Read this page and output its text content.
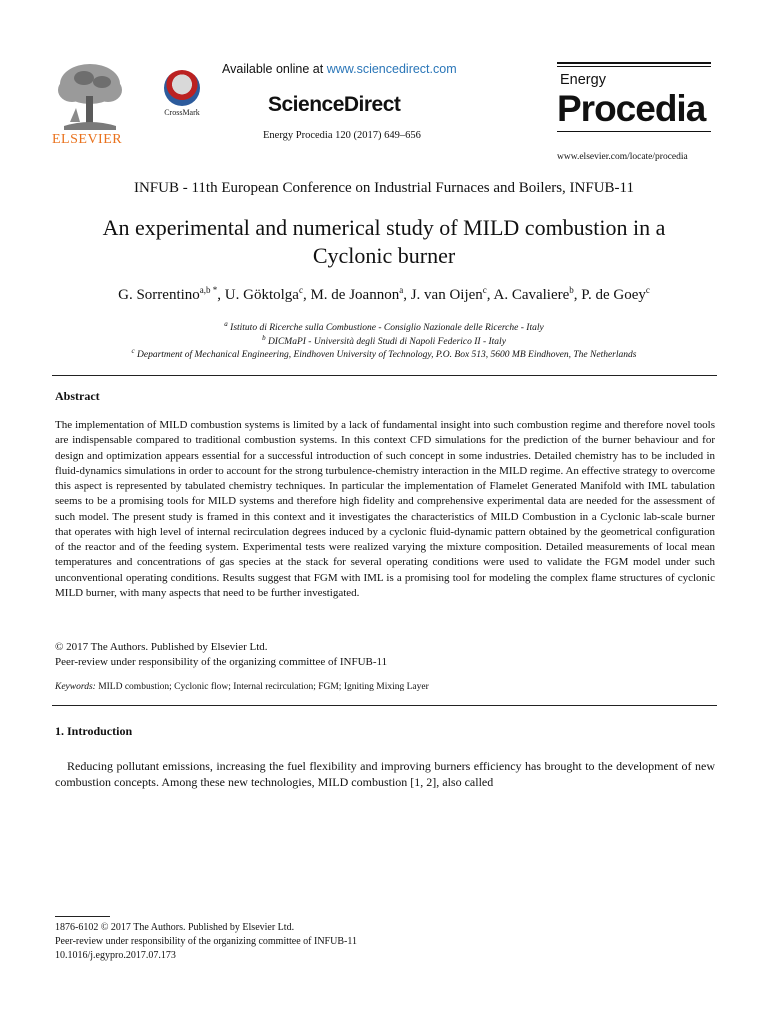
ELSEVIER
CrossMark
Available online at www.sciencedirect.com
ScienceDirect
Energy Procedia 120 (2017) 649–656
Energy
Procedia
www.elsevier.com/locate/procedia
INFUB - 11th European Conference on Industrial Furnaces and Boilers, INFUB-11
An experimental and numerical study of MILD combustion in a
Cyclonic burner
G. Sorrentino$^{a,b *}$, U. Göktolga$^c$, M. de Joannon$^a$, J. van Oijen$^c$, A. Cavaliere$^b$, P. de Goey$^c$
$^a$ Istituto di Ricerche sulla Combustione - Consiglio Nazionale delle Ricerche - Italy
$^b$ DICMaPI - Università degli Studi di Napoli Federico II - Italy
$^c$ Department of Mechanical Engineering, Eindhoven University of Technology, P.O. Box 513, 5600 MB Eindhoven, The Netherlands
Abstract
The implementation of MILD combustion systems is limited by a lack of fundamental insight into such combustion regime and therefore novel tools are indispensable compared to traditional combustion systems. In this context CFD simulations for the prediction of the burner behaviour and for design and optimization appears essential for a successful introduction of such concept in some industries. Detailed chemistry has to be included in fluid-dynamics simulations in order to account for the strong turbulence-chemistry interaction in the MILD regime. An effective strategy to overcome this aspect is represented by tabulated chemistry techniques. In particular the implementation of Flamelet Generated Manifold with IML tabulation seems to be a promising tools for MILD systems and therefore high fidelity and comprehensive experimental data are needed for the assessment of such model. The present study is framed in this context and it investigates the characteristics of MILD Combustion in a Cyclonic lab-scale burner that operates with high level of internal recirculation degrees induced by a cyclonic fluid-dynamic pattern obtained by the geometrical configuration of the reactor and of the feeding system. Experimental tests were realized varying the mixture composition. Detailed measurements of local mean temperatures and concentrations of gas species at the stack for several operating conditions were used to validate the FGM model under such unconventional operating conditions. Results suggest that FGM with IML is a promising tool for modeling the complex flame structures of cyclonic MILD burner, with many aspects that need to be further investigated.
© 2017 The Authors. Published by Elsevier Ltd.
Peer-review under responsibility of the organizing committee of INFUB-11
Keywords: MILD combustion; Cyclonic flow; Internal recirculation; FGM; Igniting Mixing Layer
1. Introduction
Reducing pollutant emissions, increasing the fuel flexibility and improving burners efficiency has brought to the development of new combustion concepts. Among these new technologies, MILD combustion [1, 2], also called
1876-6102 © 2017 The Authors. Published by Elsevier Ltd.
Peer-review under responsibility of the organizing committee of INFUB-11
10.1016/j.egypro.2017.07.173
